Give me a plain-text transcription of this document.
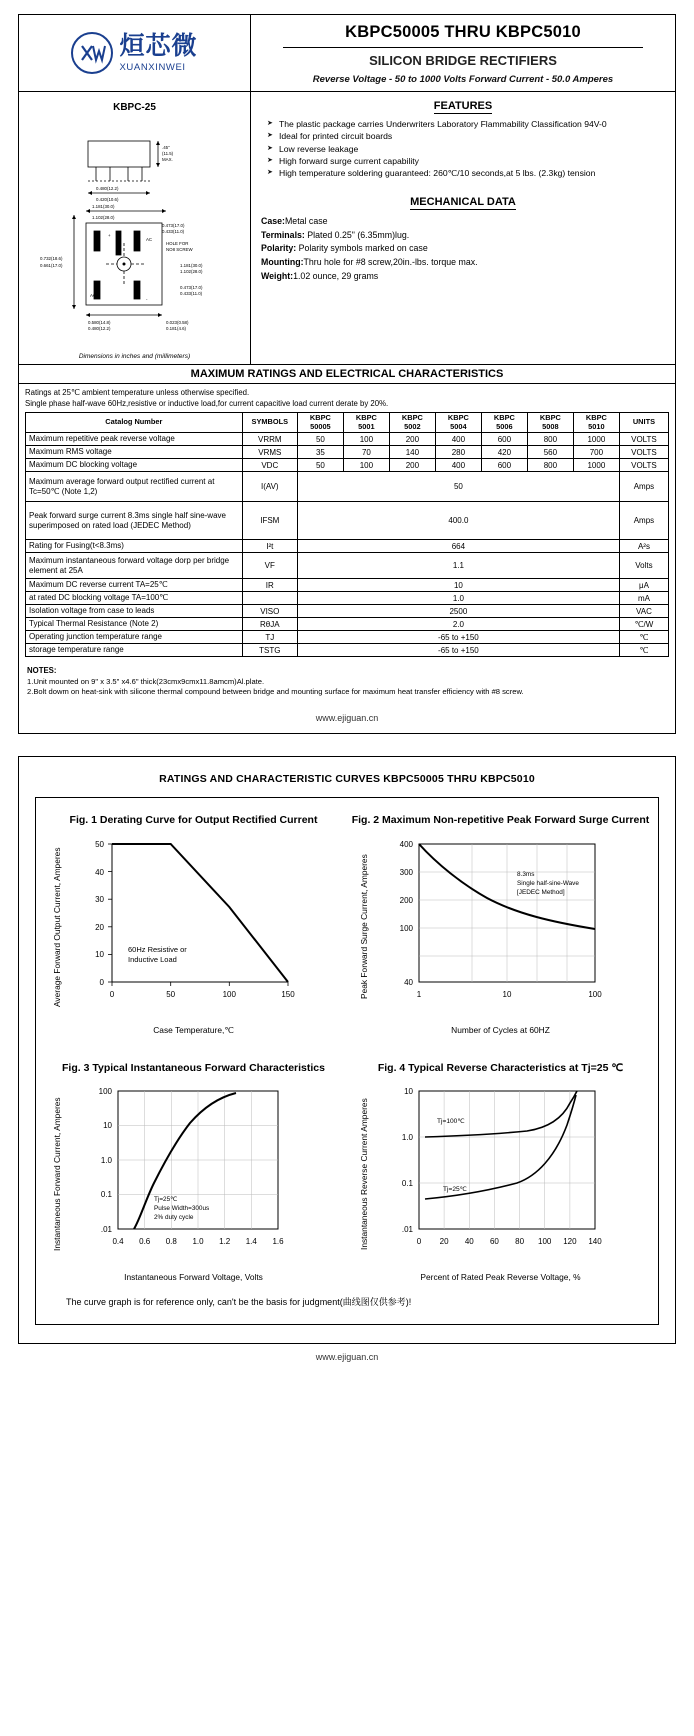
烜芯微
XUANXINWEI
KBPC50005 THRU KBPC5010
SILICON BRIDGE RECTIFIERS
Reverse Voltage - 50 to 1000 Volts Forward Current - 50.0 Amperes
KBPC-25
.45"
(11.5)
MAX.
0.480(12.2)
0.420(10.6)
0.732(18.6)
0.661(17.0)
1.181(30.0)
1.102(28.0)
0.473(17.0)
0.433(11.0)
HOLE FOR
NO8 SCREW
1.181(30.0)
1.102(28.0)
0.473(17.0)
0.433(11.0)
+
AC
AC
-
0.580(14.8)
0.480(12.2)
0.023(0.58)
0.181(4.6)
Dimensions in inches and (millimeters)
FEATURES
➤ The plastic package carries Underwriters Laboratory Flammability Classification 94V-0
➤ Ideal for printed circuit boards
➤ Low reverse leakage
➤ High forward surge current capability
➤ High temperature soldering guaranteed: 260℃/10 seconds,at 5 lbs. (2.3kg) tension
MECHANICAL DATA

Case:Metal case

Terminals: Plated 0.25" (6.35mm)lug.

Polarity: Polarity symbols marked on case

Mounting:Thru hole for #8 screw,20in.-lbs. torque max.

Weight:1.02 ounce, 29 grams

MAXIMUM RATINGS AND ELECTRICAL CHARACTERISTICS
Ratings at 25℃ ambient temperature unless otherwise specified.
Single phase half-wave 60Hz,resistive or inductive load,for current capacitive load current derate by 20%.
Catalog Number	SYMBOLS	KBPC 50005	KBPC 5001	KBPC 5002	KBPC 5004	KBPC 5006	KBPC 5008	KBPC 5010	UNITS
Maximum repetitive peak reverse voltage	VRRM	50	100	200	400	600	800	1000	VOLTS
Maximum RMS voltage	VRMS	35	70	140	280	420	560	700	VOLTS
Maximum DC blocking voltage	VDC	50	100	200	400	600	800	1000	VOLTS
Maximum average forward output rectified current at Tc=50℃ (Note 1,2)	I(AV)	50							Amps
Peak forward surge current 8.3ms single half sine-wave superimposed on rated load (JEDEC Method)	IFSM	400.0							Amps
Rating for Fusing(t<8.3ms)	I²t	664							A²s
Maximum instantaneous forward voltage dorp per bridge element at 25A	VF	1.1							Volts
Maximum DC reverse current TA=25℃	IR	10							μA
at rated DC blocking voltage TA=100℃		1.0							mA
Isolation voltage from case to leads	VISO	2500							VAC
Typical Thermal Resistance (Note 2)	RθJA	2.0							℃/W
Operating junction temperature range	TJ	-65 to +150							℃
storage temperature range	TSTG	-65 to +150							℃
NOTES:
1.Unit mounted on 9" x 3.5" x4.6" thick(23cmx9cmx11.8amcm)Al.plate.
2.Bolt dowm on heat-sink with silicone thermal compound between bridge and mounting surface for maximum heat transfer efficiency with #8 screw.
www.ejiguan.cn
RATINGS AND CHARACTERISTIC CURVES KBPC50005 THRU KBPC5010
Fig. 1 Derating Curve for Output Rectified Current
Average Forward Output Current, Amperes	0
10
20
30
40
50
0	50	100	150
60Hz Resistive or
Inductive Load
Case Temperature,℃
Fig. 2 Maximum Non-repetitive Peak Forward Surge Current
Peak Forward Surge Current, Amperes
400
300
200
100
40
1	10	100
8.3ms
Single half-sine-Wave
[JEDEC Method]
Number of Cycles at 60HZ
Fig. 3 Typical Instantaneous Forward Characteristics
Instantaneous Forward Current, Amperes
100
10
1.0
0.1
.01
0.4 0.6 0.8 1.0 1.2 1.4 1.6
Tj=25℃
Pulse Width=300us
2% duty cycle
Instantaneous Forward Voltage, Volts
Fig. 4 Typical Reverse Characteristics at Tj=25 ℃
Instantaneous Reverse Current Amperes
10
1.0
0.1
.01
0 20 40 60 80 100 120 140
Tj=100℃
Tj=25℃
Percent of Rated Peak Reverse Voltage, %
The curve graph is for reference only, can't be the basis for judgment(曲线图仅供参考)!
www.ejiguan.cn
